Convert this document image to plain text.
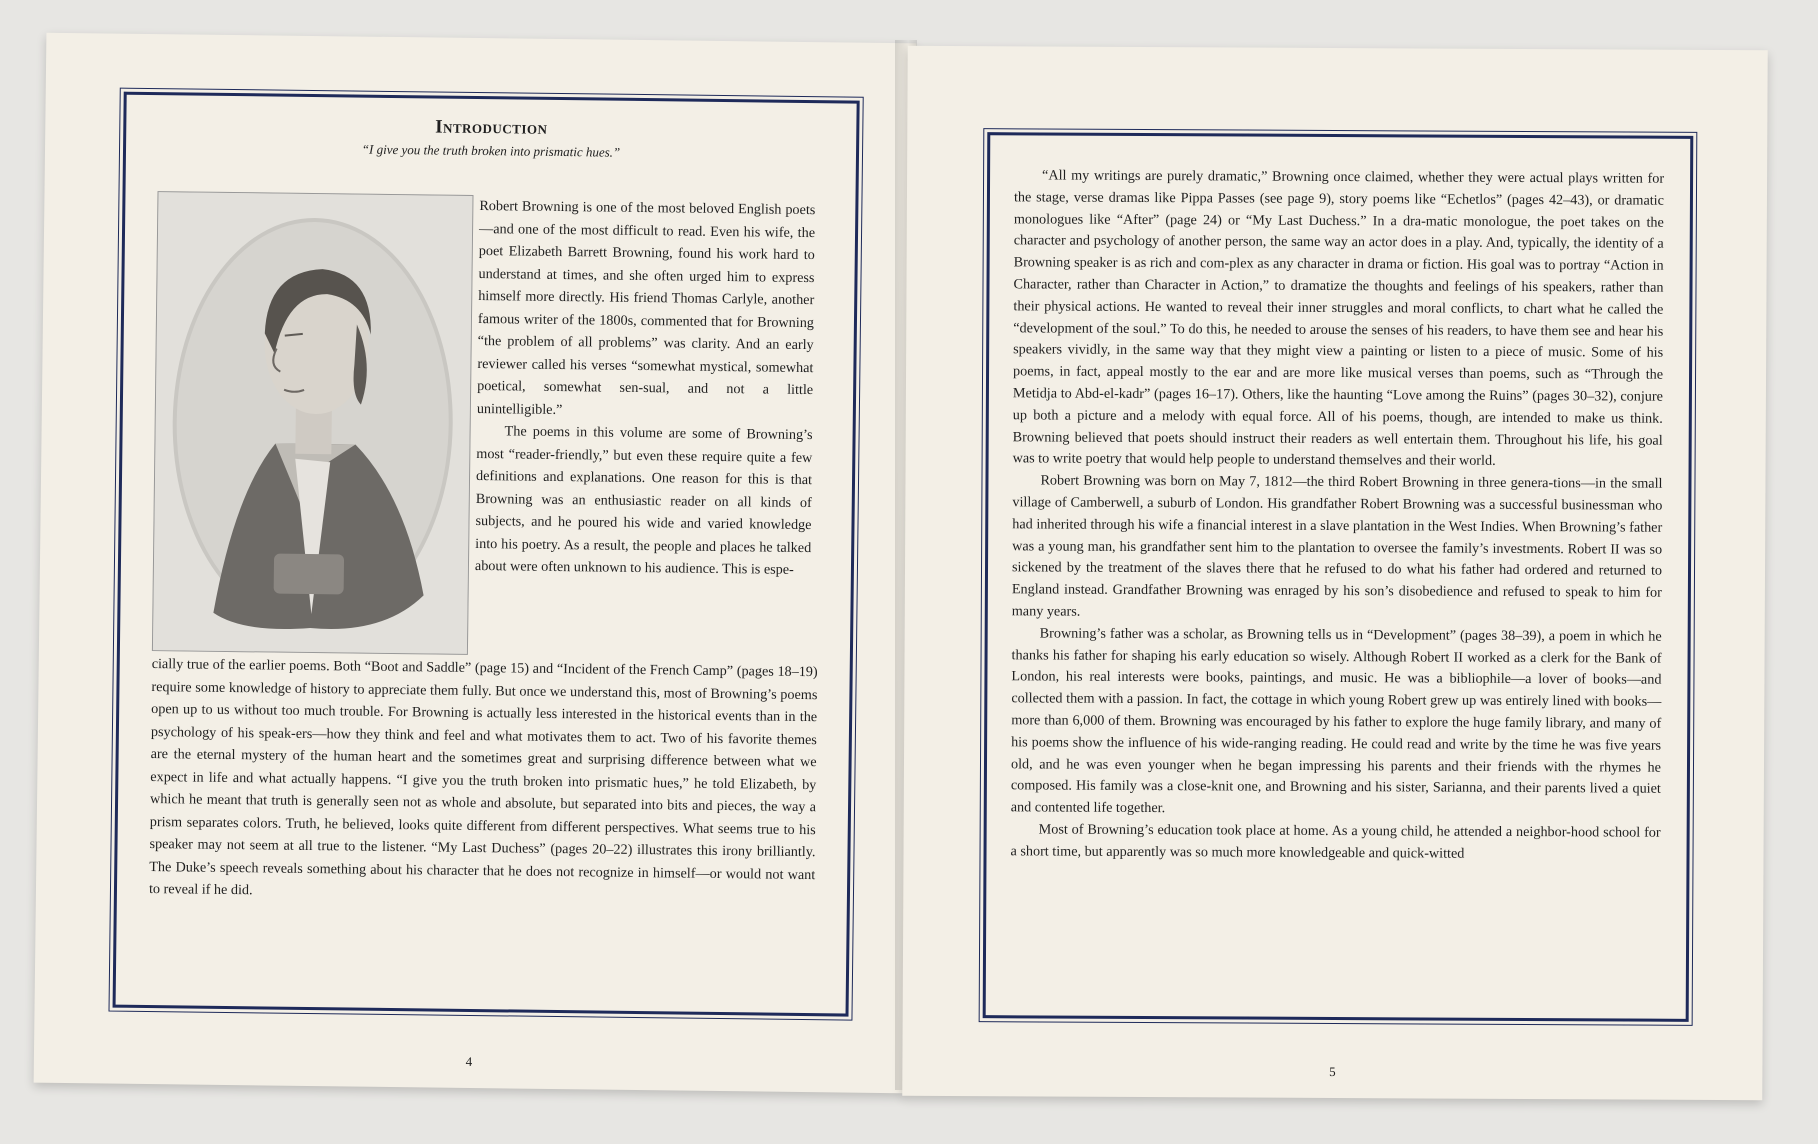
Introduction
“I give you the truth broken into prismatic hues.”

Robert Browning is one of the most beloved English poets—and one of the most difficult to read. Even his wife, the poet Elizabeth Barrett Browning, found his work hard to understand at times, and she often urged him to express himself more directly. His friend Thomas Carlyle, another famous writer of the 1800s, commented that for Browning “the problem of all problems” was clarity. And an early reviewer called his verses “somewhat mystical, somewhat poetical, somewhat sen-sual, and not a little unintelligible.”

The poems in this volume are some of Browning’s most “reader-friendly,” but even these require quite a few definitions and explanations. One reason for this is that Browning was an enthusiastic reader on all kinds of subjects, and he poured his wide and varied knowledge into his poetry. As a result, the people and places he talked about were often unknown to his audience. This is espe-

cially true of the earlier poems. Both “Boot and Saddle” (page 15) and “Incident of the French Camp” (pages 18–19) require some knowledge of history to appreciate them fully. But once we understand this, most of Browning’s poems open up to us without too much trouble. For Browning is actually less interested in the historical events than in the psychology of his speak-ers—how they think and feel and what motivates them to act. Two of his favorite themes are the eternal mystery of the human heart and the sometimes great and surprising difference between what we expect in life and what actually happens. “I give you the truth broken into prismatic hues,” he told Elizabeth, by which he meant that truth is generally seen not as whole and absolute, but separated into bits and pieces, the way a prism separates colors. Truth, he believed, looks quite different from different perspectives. What seems true to his speaker may not seem at all true to the listener. “My Last Duchess” (pages 20–22) illustrates this irony brilliantly. The Duke’s speech reveals something about his character that he does not recognize in himself—or would not want to reveal if he did.

4

“All my writings are purely dramatic,” Browning once claimed, whether they were actual plays written for the stage, verse dramas like Pippa Passes (see page 9), story poems like “Echetlos” (pages 42–43), or dramatic monologues like “After” (page 24) or “My Last Duchess.” In a dra-matic monologue, the poet takes on the character and psychology of another person, the same way an actor does in a play. And, typically, the identity of a Browning speaker is as rich and com-plex as any character in drama or fiction. His goal was to portray “Action in Character, rather than Character in Action,” to dramatize the thoughts and feelings of his speakers, rather than their physical actions. He wanted to reveal their inner struggles and moral conflicts, to chart what he called the “development of the soul.” To do this, he needed to arouse the senses of his readers, to have them see and hear his speakers vividly, in the same way that they might view a painting or listen to a piece of music. Some of his poems, in fact, appeal mostly to the ear and are more like musical verses than poems, such as “Through the Metidja to Abd-el-kadr” (pages 16–17). Others, like the haunting “Love among the Ruins” (pages 30–32), conjure up both a picture and a melody with equal force. All of his poems, though, are intended to make us think. Browning believed that poets should instruct their readers as well entertain them. Throughout his life, his goal was to write poetry that would help people to understand themselves and their world.

Robert Browning was born on May 7, 1812—the third Robert Browning in three genera-tions—in the small village of Camberwell, a suburb of London. His grandfather Robert Browning was a successful businessman who had inherited through his wife a financial interest in a slave plantation in the West Indies. When Browning’s father was a young man, his grandfather sent him to the plantation to oversee the family’s investments. Robert II was so sickened by the treatment of the slaves there that he refused to do what his father had ordered and returned to England instead. Grandfather Browning was enraged by his son’s disobedience and refused to speak to him for many years.

Browning’s father was a scholar, as Browning tells us in “Development” (pages 38–39), a poem in which he thanks his father for shaping his early education so wisely. Although Robert II worked as a clerk for the Bank of London, his real interests were books, paintings, and music. He was a bibliophile—a lover of books—and collected them with a passion. In fact, the cottage in which young Robert grew up was entirely lined with books—more than 6,000 of them. Browning was encouraged by his father to explore the huge family library, and many of his poems show the influence of his wide-ranging reading. He could read and write by the time he was five years old, and he was even younger when he began impressing his parents and their friends with the rhymes he composed. His family was a close-knit one, and Browning and his sister, Sarianna, and their parents lived a quiet and contented life together.

Most of Browning’s education took place at home. As a young child, he attended a neighbor-hood school for a short time, but apparently was so much more knowledgeable and quick-witted

5
